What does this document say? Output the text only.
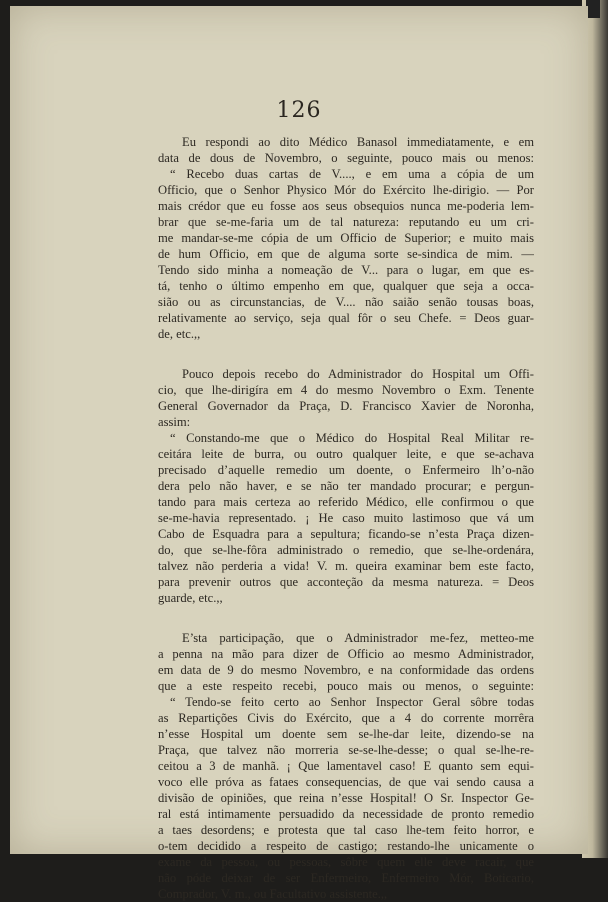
126
Eu respondi ao dito Médico Banasol immediatamente, e em
data de dous de Novembro, o seguinte, pouco mais ou menos:
“ Recebo duas cartas de V...., e em uma a cópia de um
Officio, que o Senhor Physico Mór do Exército lhe-dirigio. — Por
mais crédor que eu fosse aos seus obsequios nunca me-poderia lem-
brar que se-me-faria um de tal natureza: reputando eu um cri-
me mandar-se-me cópia de um Officio de Superior; e muito mais
de hum Officio, em que de alguma sorte se-sindica de mim. —
Tendo sido minha a nomeação de V... para o lugar, em que es-
tá, tenho o último empenho em que, qualquer que seja a occa-
sião ou as circunstancias, de V.... não saião senão tousas boas,
relativamente ao serviço, seja qual fôr o seu Chefe. = Deos guar-
de, etc.,,
Pouco depois recebo do Administrador do Hospital um Offi-
cio, que lhe-dirigíra em 4 do mesmo Novembro o Exm. Tenente
General Governador da Praça, D. Francisco Xavier de Noronha,
assim:
“ Constando-me que o Médico do Hospital Real Militar re-
ceitára leite de burra, ou outro qualquer leite, e que se-achava
precisado d’aquelle remedio um doente, o Enfermeiro lh’o-não
dera pelo não haver, e se não ter mandado procurar; e pergun-
tando para mais certeza ao referido Médico, elle confirmou o que
se-me-havia representado. ¡ He caso muito lastimoso que vá um
Cabo de Esquadra para a sepultura; ficando-se n’esta Praça dizen-
do, que se-lhe-fôra administrado o remedio, que se-lhe-ordenára,
talvez não perderia a vida! V. m. queira examinar bem este facto,
para prevenir outros que acconteção da mesma natureza. = Deos
guarde, etc.,,
E’sta participação, que o Administrador me-fez, metteo-me
a penna na mão para dizer de Officio ao mesmo Administrador,
em data de 9 do mesmo Novembro, e na conformidade das ordens
que a este respeito recebi, pouco mais ou menos, o seguinte:
“ Tendo-se feito certo ao Senhor Inspector Geral sôbre todas
as Repartições Civis do Exército, que a 4 do corrente morrêra
n’esse Hospital um doente sem se-lhe-dar leite, dizendo-se na
Praça, que talvez não morreria se-se-lhe-desse; o qual se-lhe-re-
ceitou a 3 de manhã. ¡ Que lamentavel caso! E quanto sem equi-
voco elle próva as fataes consequencias, de que vai sendo causa a
divisão de opiniões, que reina n’esse Hospital! O Sr. Inspector Ge-
ral está intimamente persuadido da necessidade de pronto remedio
a taes desordens; e protesta que tal caso lhe-tem feito horror, e
o-tem decidido a respeito de castigo; restando-lhe unicamente o
exame da pessoa, ou pessoas, sôbre quem elle deve racair, que
não póde deixar de ser Enfermeiro, Enfermeiro Mór, Boticario,
Comprador, V. m., ou Facultativo assistente.,,
